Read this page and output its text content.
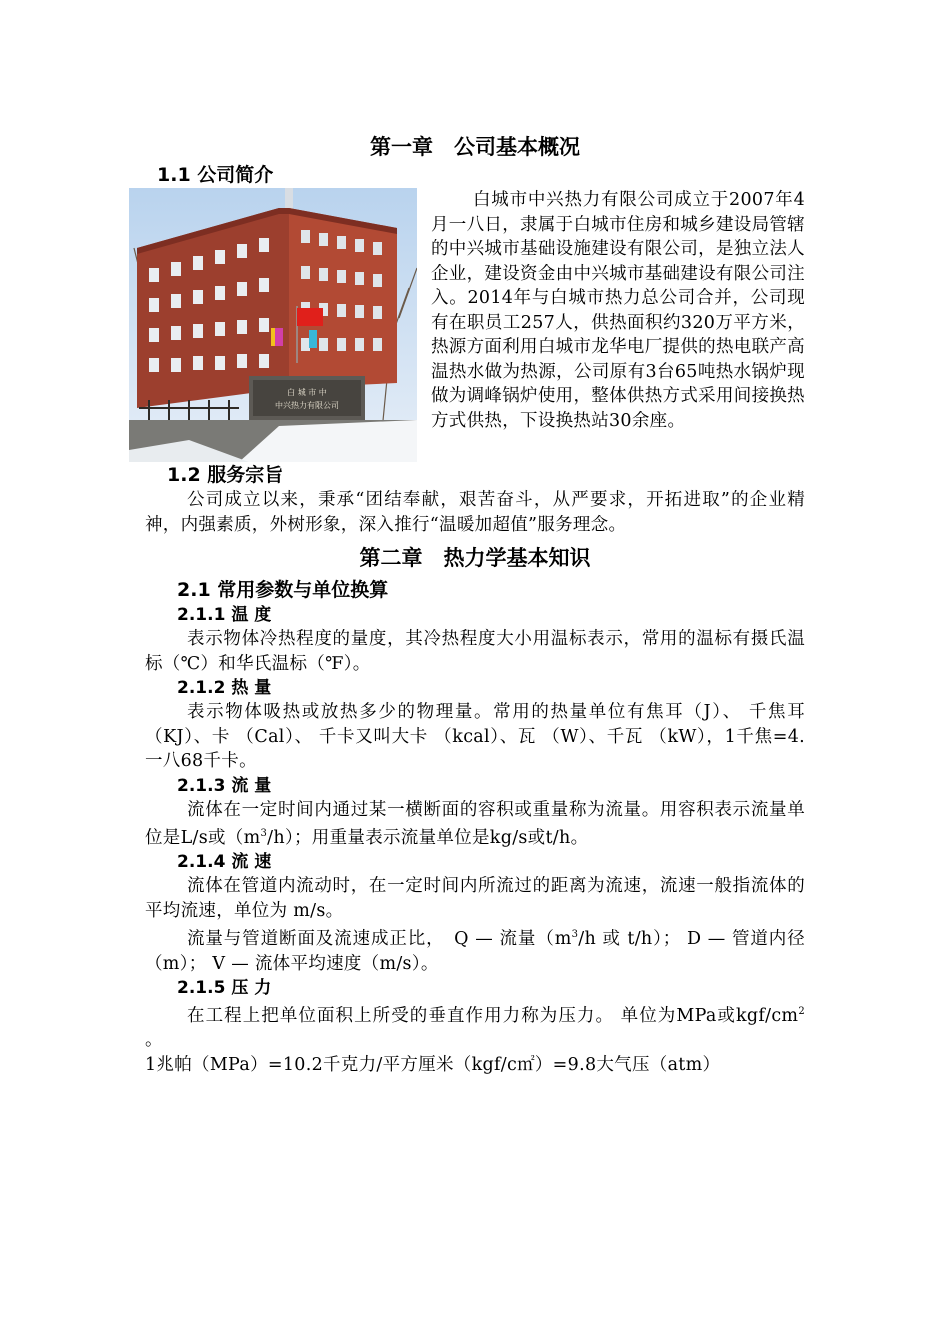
第一章　公司基本概况
1.1 公司简介
白 城 市 中
中兴热力有限公司

白城市中兴热力有限公司成立于2007年4月一八日，隶属于白城市住房和城乡建设局管辖的中兴城市基础设施建设有限公司，是独立法人企业，建设资金由中兴城市基础建设有限公司注入。2014年与白城市热力总公司合并，公司现有在职员工257人，供热面积约320万平方米，热源方面利用白城市龙华电厂提供的热电联产高温热水做为热源，公司原有3台65吨热水锅炉现做为调峰锅炉使用，整体供热方式采用间接换热方式供热，下设换热站30余座。

1.2 服务宗旨

公司成立以来，秉承“团结奉献，艰苦奋斗，从严要求，开拓进取”的企业精神，内强素质，外树形象，深入推行“温暖加超值”服务理念。

第二章　热力学基本知识
2.1 常用参数与单位换算
2.1.1 温 度

表示物体冷热程度的量度，其冷热程度大小用温标表示，常用的温标有摄氏温标（℃）和华氏温标（℉）。

2.1.2 热 量

表示物体吸热或放热多少的物理量。常用的热量单位有焦耳（J）、 千焦耳（KJ）、卡 （Cal）、 千卡又叫大卡 （kcal）、瓦 （W）、千瓦 （kW），1千焦=4.一八68千卡。

2.1.3 流 量

流体在一定时间内通过某一横断面的容积或重量称为流量。用容积表示流量单位是L/s或$(m^3/h)$；用重量表示流量单位是kg/s或t/h。

2.1.4 流 速

流体在管道内流动时，在一定时间内所流过的距离为流速，流速一般指流体的平均流速，单位为 m/s。

流量与管道断面及流速成正比，　Q — 流量（$m^3/h$ 或 t/h）； D — 管道内径（m）； V — 流体平均速度（m/s）。

2.1.5 压 力

在工程上把单位面积上所受的垂直作用力称为压力。 单位为MPa或kgf/$cm^2$ 。

1兆帕（MPa）=10.2千克力/平方厘米（kgf/c㎡）=9.8大气压（atm）
